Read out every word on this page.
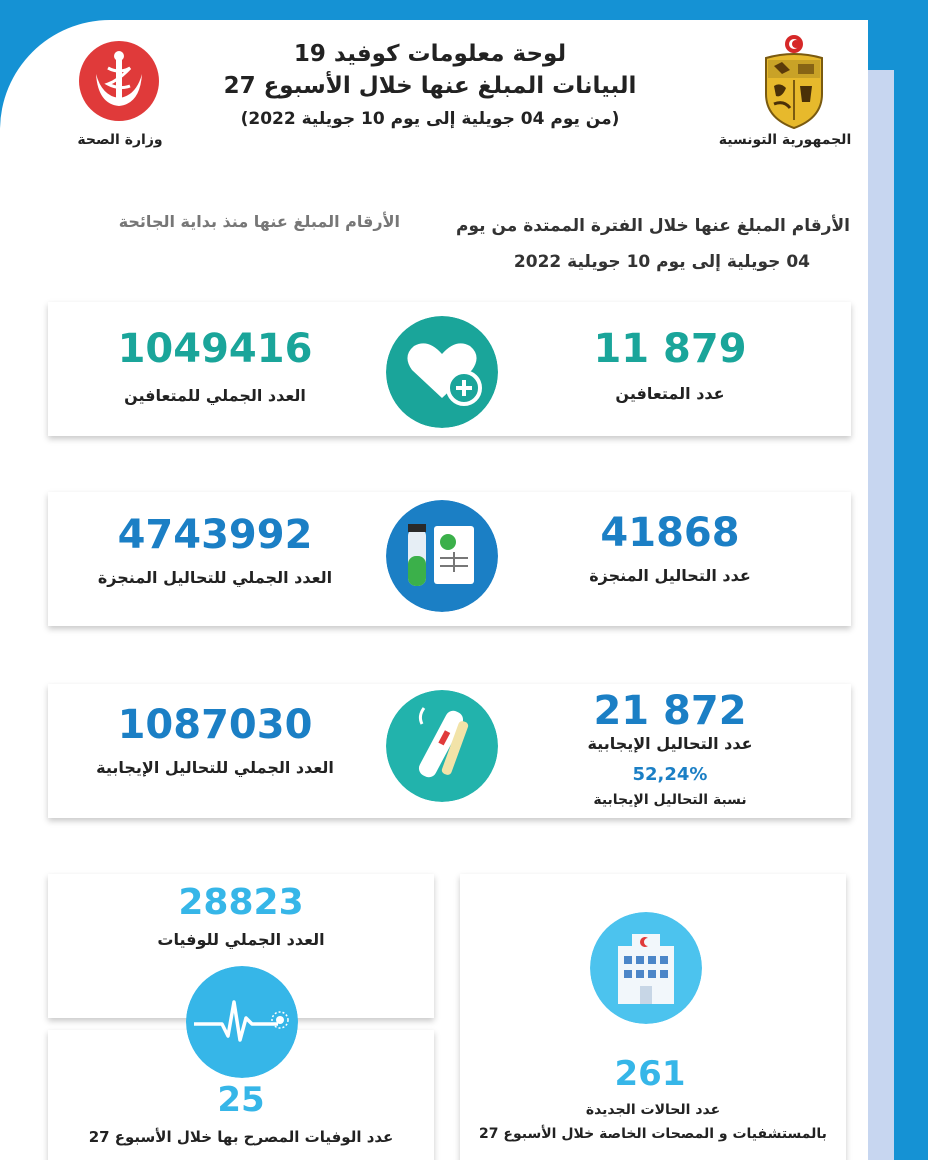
لوحة معلومات كوفيد 19
البيانات المبلغ عنها خلال الأسبوع 27
(من يوم 04 جويلية إلى يوم 10 جويلية 2022)
الجمهورية التونسية
وزارة الصحة
الأرقام المبلغ عنها خلال الفترة الممتدة من يوم
04 جويلية إلى يوم 10 جويلية 2022
الأرقام المبلغ عنها منذ بداية الجائحة
11 879
عدد المتعافين
1049416
العدد الجملي للمتعافين
41868
عدد التحاليل المنجزة
4743992
العدد الجملي للتحاليل المنجزة
21 872
عدد التحاليل الإيجابية
52,24%
نسبة التحاليل الإيجابية
1087030
العدد الجملي للتحاليل الإيجابية
28823
العدد الجملي للوفيات
25
عدد الوفيات المصرح بها خلال الأسبوع 27
261
عدد الحالات الجديدة
بالمستشفيات و المصحات الخاصة خلال الأسبوع 27
